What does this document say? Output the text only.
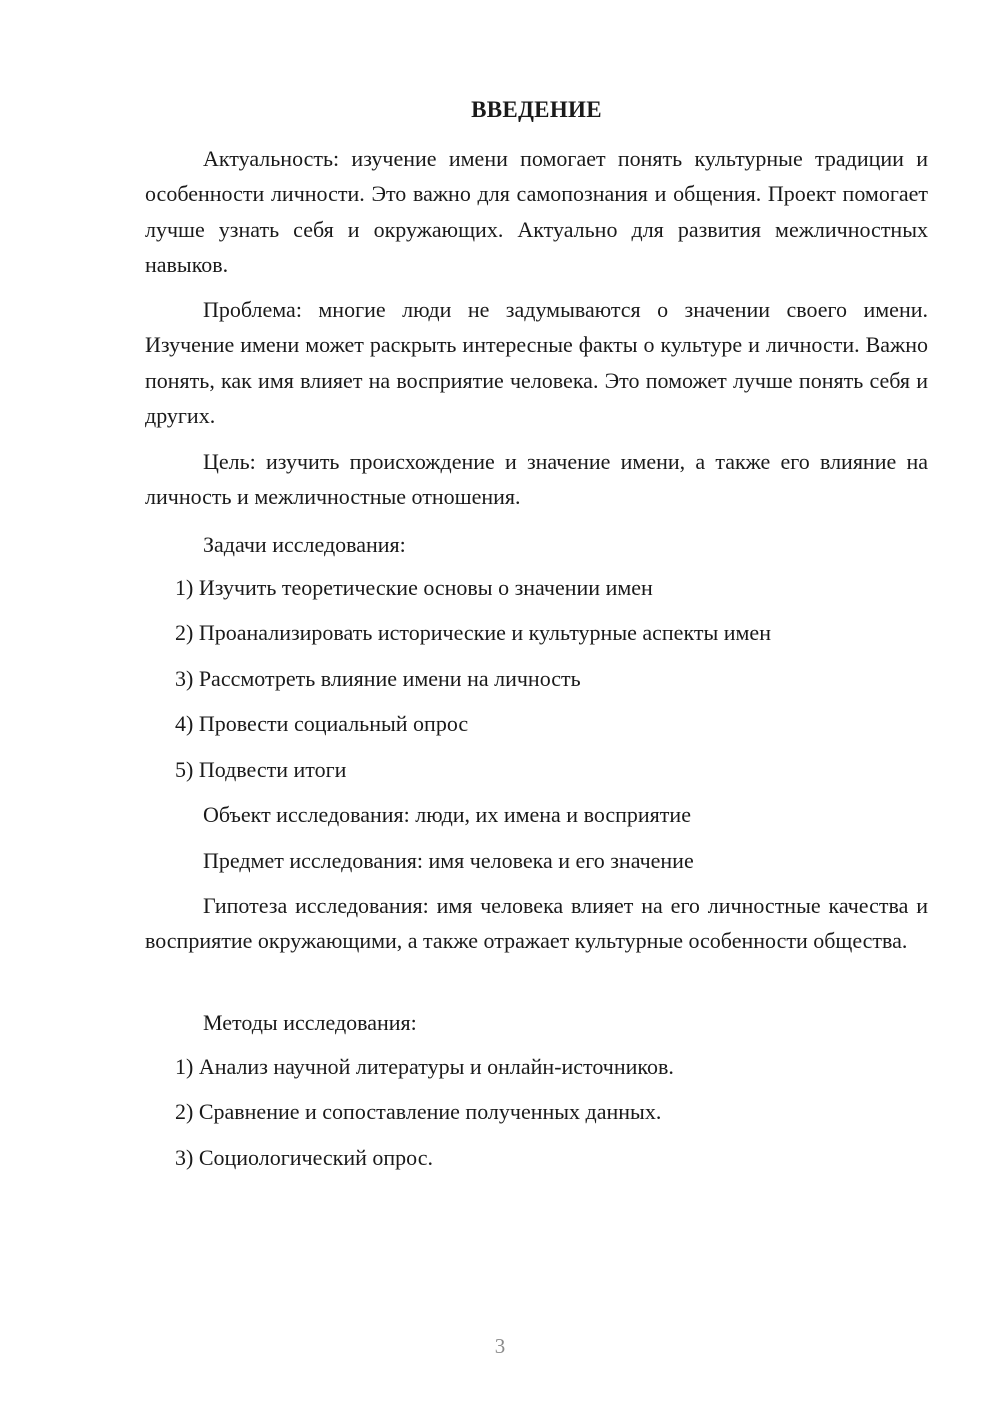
ВВЕДЕНИЕ

Актуальность: изучение имени помогает понять культурные традиции и особенности личности. Это важно для самопознания и общения. Проект помогает лучше узнать себя и окружающих. Актуально для развития межличностных навыков.

Проблема: многие люди не задумываются о значении своего имени. Изучение имени может раскрыть интересные факты о культуре и личности. Важно понять, как имя влияет на восприятие человека. Это поможет лучше понять себя и других.

Цель: изучить происхождение и значение имени, а также его влияние на личность и межличностные отношения.

Задачи исследования:
1) Изучить теоретические основы о значении имен
2) Проанализировать исторические и культурные аспекты имен
3) Рассмотреть влияние имени на личность
4) Провести социальный опрос
5) Подвести итоги
Объект исследования: люди, их имена и восприятие
Предмет исследования: имя человека и его значение

Гипотеза исследования: имя человека влияет на его личностные качества и восприятие окружающими, а также отражает культурные особенности общества.

Методы исследования:
1) Анализ научной литературы и онлайн-источников.
2) Сравнение и сопоставление полученных данных.
3) Социологический опрос.
3
